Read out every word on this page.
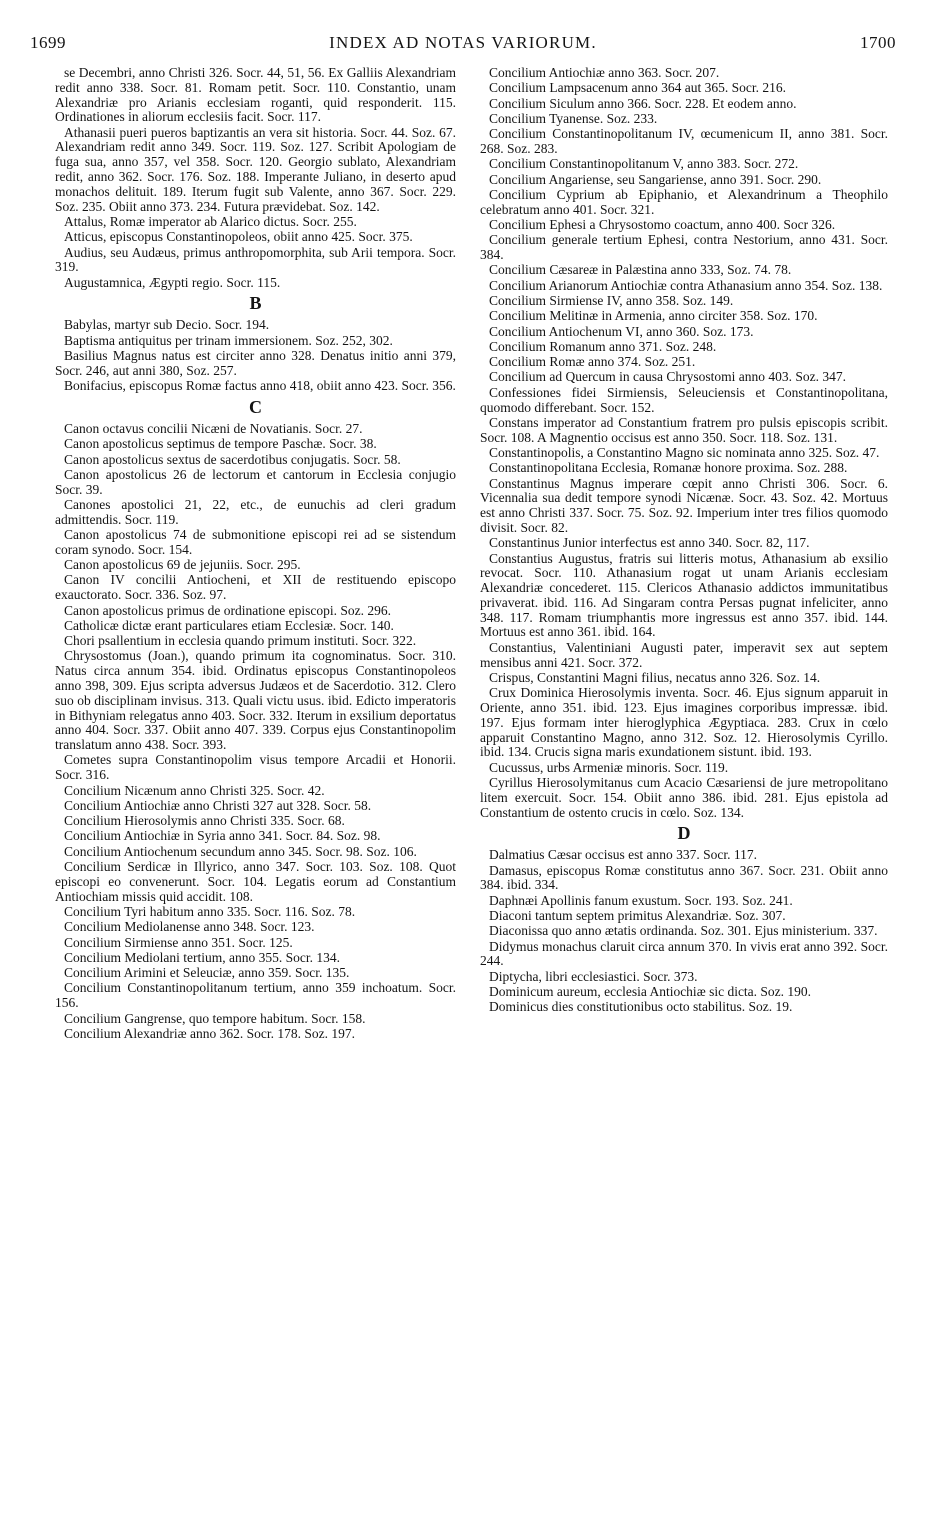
1699	INDEX AD NOTAS VARIORUM.	1700
se Decembri, anno Christi 326. Socr. 44, 51, 56. Ex Galliis Alexandriam redit anno 338. Socr. 81. Romam petit. Socr. 110. Constantio, unam Alexandriæ pro Arianis ecclesiam roganti, quid responderit. 115. Ordinationes in aliorum ecclesiis facit. Socr. 117.
Athanasii pueri pueros baptizantis an vera sit historia. Socr. 44. Soz. 67. Alexandriam redit anno 349. Socr. 119. Soz. 127. Scribit Apologiam de fuga sua, anno 357, vel 358. Socr. 120. Georgio sublato, Alexandriam redit, anno 362. Socr. 176. Soz. 188. Imperante Juliano, in deserto apud monachos delituit. 189. Iterum fugit sub Valente, anno 367. Socr. 229. Soz. 235. Obiit anno 373. 234. Futura prævidebat. Soz. 142.
Attalus, Romæ imperator ab Alarico dictus. Socr. 255.
Atticus, episcopus Constantinopoleos, obiit anno 425. Socr. 375.
Audius, seu Audæus, primus anthropomorphita, sub Arii tempora. Socr. 319.
Augustamnica, Ægypti regio. Socr. 115.
B
Babylas, martyr sub Decio. Socr. 194.
Baptisma antiquitus per trinam immersionem. Soz. 252, 302.
Basilius Magnus natus est circiter anno 328. Denatus initio anni 379, Socr. 246, aut anni 380, Soz. 257.
Bonifacius, episcopus Romæ factus anno 418, obiit anno 423. Socr. 356.
C
Canon octavus concilii Nicæni de Novatianis. Socr. 27.
Canon apostolicus septimus de tempore Paschæ. Socr. 38.
Canon apostolicus sextus de sacerdotibus conjugatis. Socr. 58.
Canon apostolicus 26 de lectorum et cantorum in Ecclesia conjugio Socr. 39.
Canones apostolici 21, 22, etc., de eunuchis ad cleri gradum admittendis. Socr. 119.
Canon apostolicus 74 de submonitione episcopi rei ad se sistendum coram synodo. Socr. 154.
Canon apostolicus 69 de jejuniis. Socr. 295.
Canon IV concilii Antiocheni, et XII de restituendo episcopo exauctorato. Socr. 336. Soz. 97.
Canon apostolicus primus de ordinatione episcopi. Soz. 296.
Catholicæ dictæ erant particulares etiam Ecclesiæ. Socr. 140.
Chori psallentium in ecclesia quando primum instituti. Socr. 322.
Chrysostomus (Joan.), quando primum ita cognominatus. Socr. 310. Natus circa annum 354. ibid. Ordinatus episcopus Constantinopoleos anno 398, 309. Ejus scripta adversus Judæos et de Sacerdotio. 312. Clero suo ob disciplinam invisus. 313. Quali victu usus. ibid. Edicto imperatoris in Bithyniam relegatus anno 403. Socr. 332. Iterum in exsilium deportatus anno 404. Socr. 337. Obiit anno 407. 339. Corpus ejus Constantinopolim translatum anno 438. Socr. 393.
Cometes supra Constantinopolim visus tempore Arcadii et Honorii. Socr. 316.
Concilium Nicænum anno Christi 325. Socr. 42.
Concilium Antiochiæ anno Christi 327 aut 328. Socr. 58.
Concilium Hierosolymis anno Christi 335. Socr. 68.
Concilium Antiochiæ in Syria anno 341. Socr. 84. Soz. 98.
Concilium Antiochenum secundum anno 345. Socr. 98. Soz. 106.
Concilium Serdicæ in Illyrico, anno 347. Socr. 103. Soz. 108. Quot episcopi eo convenerunt. Socr. 104. Legatis eorum ad Constantium Antiochiam missis quid accidit. 108.
Concilium Tyri habitum anno 335. Socr. 116. Soz. 78.
Concilium Mediolanense anno 348. Socr. 123.
Concilium Sirmiense anno 351. Socr. 125.
Concilium Mediolani tertium, anno 355. Socr. 134.
Concilium Arimini et Seleuciæ, anno 359. Socr. 135.
Concilium Constantinopolitanum tertium, anno 359 inchoatum. Socr. 156.
Concilium Gangrense, quo tempore habitum. Socr. 158.
Concilium Alexandriæ anno 362. Socr. 178. Soz. 197.
Concilium Antiochiæ anno 363. Socr. 207.
Concilium Lampsacenum anno 364 aut 365. Socr. 216.
Concilium Siculum anno 366. Socr. 228. Et eodem anno.
Concilium Tyanense. Soz. 233.
Concilium Constantinopolitanum IV, œcumenicum II, anno 381. Socr. 268. Soz. 283.
Concilium Constantinopolitanum V, anno 383. Socr. 272.
Concilium Angariense, seu Sangariense, anno 391. Socr. 290.
Concilium Cyprium ab Epiphanio, et Alexandrinum a Theophilo celebratum anno 401. Socr. 321.
Concilium Ephesi a Chrysostomo coactum, anno 400. Socr 326.
Concilium generale tertium Ephesi, contra Nestorium, anno 431. Socr. 384.
Concilium Cæsareæ in Palæstina anno 333, Soz. 74. 78.
Concilium Arianorum Antiochiæ contra Athanasium anno 354. Soz. 138.
Concilium Sirmiense IV, anno 358. Soz. 149.
Concilium Melitinæ in Armenia, anno circiter 358. Soz. 170.
Concilium Antiochenum VI, anno 360. Soz. 173.
Concilium Romanum anno 371. Soz. 248.
Concilium Romæ anno 374. Soz. 251.
Concilium ad Quercum in causa Chrysostomi anno 403. Soz. 347.
Confessiones fidei Sirmiensis, Seleuciensis et Constantinopolitana, quomodo differebant. Socr. 152.
Constans imperator ad Constantium fratrem pro pulsis episcopis scribit. Socr. 108. A Magnentio occisus est anno 350. Socr. 118. Soz. 131.
Constantinopolis, a Constantino Magno sic nominata anno 325. Soz. 47.
Constantinopolitana Ecclesia, Romanæ honore proxima. Soz. 288.
Constantinus Magnus imperare cœpit anno Christi 306. Socr. 6. Vicennalia sua dedit tempore synodi Nicænæ. Socr. 43. Soz. 42. Mortuus est anno Christi 337. Socr. 75. Soz. 92. Imperium inter tres filios quomodo divisit. Socr. 82.
Constantinus Junior interfectus est anno 340. Socr. 82, 117.
Constantius Augustus, fratris sui litteris motus, Athanasium ab exsilio revocat. Socr. 110. Athanasium rogat ut unam Arianis ecclesiam Alexandriæ concederet. 115. Clericos Athanasio addictos immunitatibus privaverat. ibid. 116. Ad Singaram contra Persas pugnat infeliciter, anno 348. 117. Romam triumphantis more ingressus est anno 357. ibid. 144. Mortuus est anno 361. ibid. 164.
Constantius, Valentiniani Augusti pater, imperavit sex aut septem mensibus anni 421. Socr. 372.
Crispus, Constantini Magni filius, necatus anno 326. Soz. 14.
Crux Dominica Hierosolymis inventa. Socr. 46. Ejus signum apparuit in Oriente, anno 351. ibid. 123. Ejus imagines corporibus impressæ. ibid. 197. Ejus formam inter hieroglyphica Ægyptiaca. 283. Crux in cœlo apparuit Constantino Magno, anno 312. Soz. 12. Hierosolymis Cyrillo. ibid. 134. Crucis signa maris exundationem sistunt. ibid. 193.
Cucussus, urbs Armeniæ minoris. Socr. 119.
Cyrillus Hierosolymitanus cum Acacio Cæsariensi de jure metropolitano litem exercuit. Socr. 154. Obiit anno 386. ibid. 281. Ejus epistola ad Constantium de ostento crucis in cœlo. Soz. 134.
D
Dalmatius Cæsar occisus est anno 337. Socr. 117.
Damasus, episcopus Romæ constitutus anno 367. Socr. 231. Obiit anno 384. ibid. 334.
Daphnæi Apollinis fanum exustum. Socr. 193. Soz. 241.
Diaconi tantum septem primitus Alexandriæ. Soz. 307.
Diaconissa quo anno ætatis ordinanda. Soz. 301. Ejus ministerium. 337.
Didymus monachus claruit circa annum 370. In vivis erat anno 392. Socr. 244.
Diptycha, libri ecclesiastici. Socr. 373.
Dominicum aureum, ecclesia Antiochiæ sic dicta. Soz. 190.
Dominicus dies constitutionibus octo stabilitus. Soz. 19.
